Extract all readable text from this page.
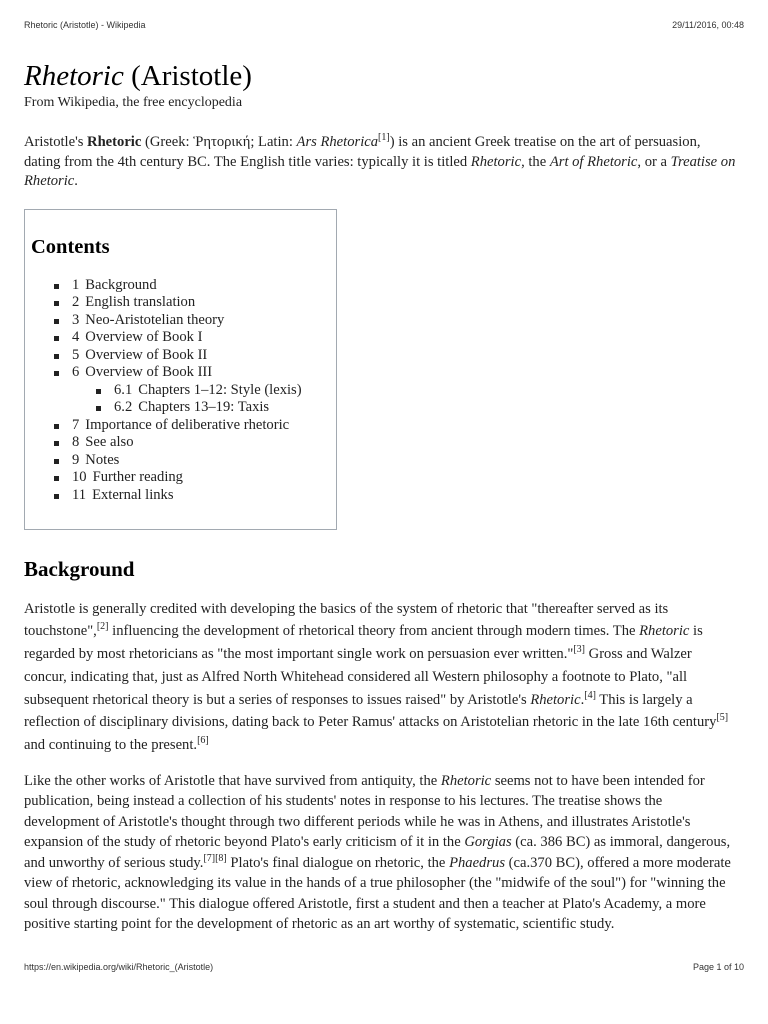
Rhetoric (Aristotle) - Wikipedia	29/11/2016, 00:48
Rhetoric (Aristotle)
From Wikipedia, the free encyclopedia

Aristotle's Rhetoric (Greek: Ῥητορική; Latin: Ars Rhetorica[1]) is an ancient Greek treatise on the art of persuasion, dating from the 4th century BC. The English title varies: typically it is titled Rhetoric, the Art of Rhetoric, or a Treatise on Rhetoric.

Contents
1 Background
2 English translation
3 Neo-Aristotelian theory
4 Overview of Book I
5 Overview of Book II
6 Overview of Book III
6.1 Chapters 1–12: Style (lexis)
6.2 Chapters 13–19: Taxis
7 Importance of deliberative rhetoric
8 See also
9 Notes
10 Further reading
11 External links
Background

Aristotle is generally credited with developing the basics of the system of rhetoric that "thereafter served as its touchstone",[2] influencing the development of rhetorical theory from ancient through modern times. The Rhetoric is regarded by most rhetoricians as "the most important single work on persuasion ever written."[3] Gross and Walzer concur, indicating that, just as Alfred North Whitehead considered all Western philosophy a footnote to Plato, "all subsequent rhetorical theory is but a series of responses to issues raised" by Aristotle's Rhetoric.[4] This is largely a reflection of disciplinary divisions, dating back to Peter Ramus' attacks on Aristotelian rhetoric in the late 16th century[5] and continuing to the present.[6]

Like the other works of Aristotle that have survived from antiquity, the Rhetoric seems not to have been intended for publication, being instead a collection of his students' notes in response to his lectures. The treatise shows the development of Aristotle's thought through two different periods while he was in Athens, and illustrates Aristotle's expansion of the study of rhetoric beyond Plato's early criticism of it in the Gorgias (ca. 386 BC) as immoral, dangerous, and unworthy of serious study.[7][8] Plato's final dialogue on rhetoric, the Phaedrus (ca.370 BC), offered a more moderate view of rhetoric, acknowledging its value in the hands of a true philosopher (the "midwife of the soul") for "winning the soul through discourse." This dialogue offered Aristotle, first a student and then a teacher at Plato's Academy, a more positive starting point for the development of rhetoric as an art worthy of systematic, scientific study.

https://en.wikipedia.org/wiki/Rhetoric_(Aristotle)	Page 1 of 10
